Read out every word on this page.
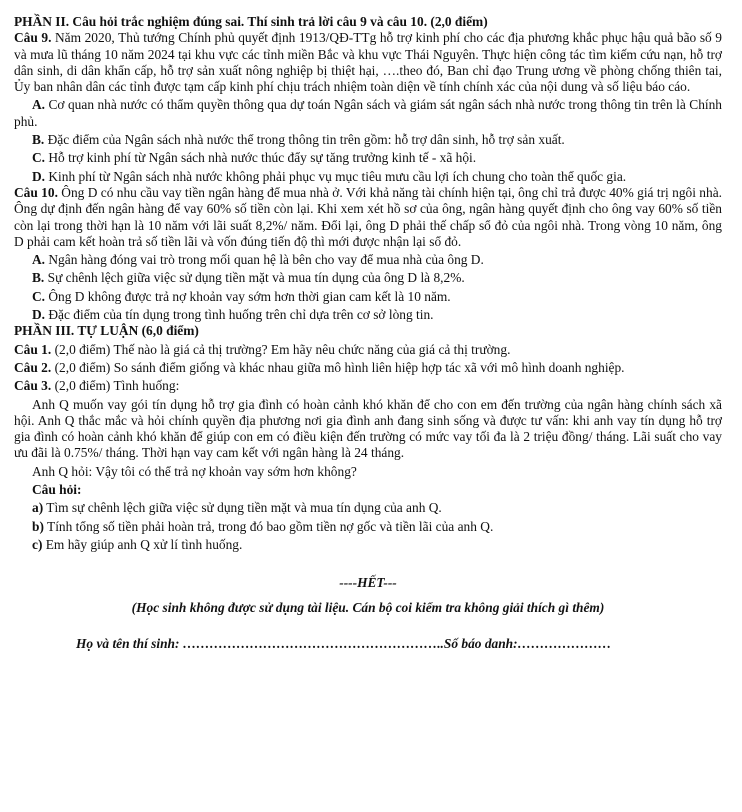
PHẦN II. Câu hỏi trắc nghiệm đúng sai. Thí sinh trả lời câu 9 và câu 10. (2,0 điểm)

Câu 9. Năm 2020, Thủ tướng Chính phủ quyết định 1913/QĐ-TTg hỗ trợ kinh phí cho các địa phương khắc phục hậu quả bão số 9 và mưa lũ tháng 10 năm 2024 tại khu vực các tỉnh miền Bắc và khu vực Thái Nguyên. Thực hiện công tác tìm kiếm cứu nạn, hỗ trợ dân sinh, di dân khẩn cấp, hỗ trợ sản xuất nông nghiệp bị thiệt hại, ….theo đó, Ban chỉ đạo Trung ương về phòng chống thiên tai, Ủy ban nhân dân các tỉnh được tạm cấp kinh phí chịu trách nhiệm toàn diện về tính chính xác của nội dung và số liệu báo cáo.

A. Cơ quan nhà nước có thẩm quyền thông qua dự toán Ngân sách và giám sát ngân sách nhà nước trong thông tin trên là Chính phủ.

B. Đặc điểm của Ngân sách nhà nước thể trong thông tin trên gồm: hỗ trợ dân sinh, hỗ trợ sản xuất.

C. Hỗ trợ kinh phí từ Ngân sách nhà nước thúc đẩy sự tăng trưởng kinh tế - xã hội.

D. Kinh phí từ Ngân sách nhà nước không phải phục vụ mục tiêu mưu cầu lợi ích chung cho toàn thể quốc gia.

Câu 10. Ông D có nhu cầu vay tiền ngân hàng để mua nhà ở. Với khả năng tài chính hiện tại, ông chỉ trả được 40% giá trị ngôi nhà. Ông dự định đến ngân hàng để vay 60% số tiền còn lại. Khi xem xét hồ sơ của ông, ngân hàng quyết định cho ông vay 60% số tiền còn lại trong thời hạn là 10 năm với lãi suất 8,2%/ năm. Đổi lại, ông D phải thế chấp sổ đỏ của ngôi nhà. Trong vòng 10 năm, ông D phải cam kết hoàn trả số tiền lãi và vốn đúng tiến độ thì mới được nhận lại sổ đỏ.

A. Ngân hàng đóng vai trò trong mối quan hệ là bên cho vay để mua nhà của ông D.

B. Sự chênh lệch giữa việc sử dụng tiền mặt và mua tín dụng của ông D là 8,2%.

C. Ông D không được trả nợ khoản vay sớm hơn thời gian cam kết là 10 năm.

D. Đặc điểm của tín dụng trong tình huống trên chỉ dựa trên cơ sở lòng tin.

PHẦN III. TỰ LUẬN (6,0 điểm)

Câu 1. (2,0 điểm) Thế nào là giá cả thị trường? Em hãy nêu chức năng của giá cả thị trường.

Câu 2. (2,0 điểm) So sánh điểm giống và khác nhau giữa mô hình liên hiệp hợp tác xã với mô hình doanh nghiệp.

Câu 3. (2,0 điểm) Tình huống:

Anh Q muốn vay gói tín dụng hỗ trợ gia đình có hoàn cảnh khó khăn để cho con em đến trường của ngân hàng chính sách xã hội. Anh Q thắc mắc và hỏi chính quyền địa phương nơi gia đình anh đang sinh sống và được tư vấn: khi anh vay tín dụng hỗ trợ gia đình có hoàn cảnh khó khăn để giúp con em có điều kiện đến trường có mức vay tối đa là 2 triệu đồng/ tháng. Lãi suất cho vay ưu đãi là 0.75%/ tháng. Thời hạn vay cam kết với ngân hàng là 24 tháng.

Anh Q hỏi: Vậy tôi có thể trả nợ khoản vay sớm hơn không?

Câu hỏi:

a) Tìm sự chênh lệch giữa việc sử dụng tiền mặt và mua tín dụng của anh Q.

b) Tính tổng số tiền phải hoàn trả, trong đó bao gồm tiền nợ gốc và tiền lãi của anh Q.

c) Em hãy giúp anh Q xử lí tình huống.

----HẾT---

(Học sinh không được sử dụng tài liệu. Cán bộ coi kiểm tra không giải thích gì thêm)

Họ và tên thí sinh: …………………………………………………..Số báo danh:…………………
